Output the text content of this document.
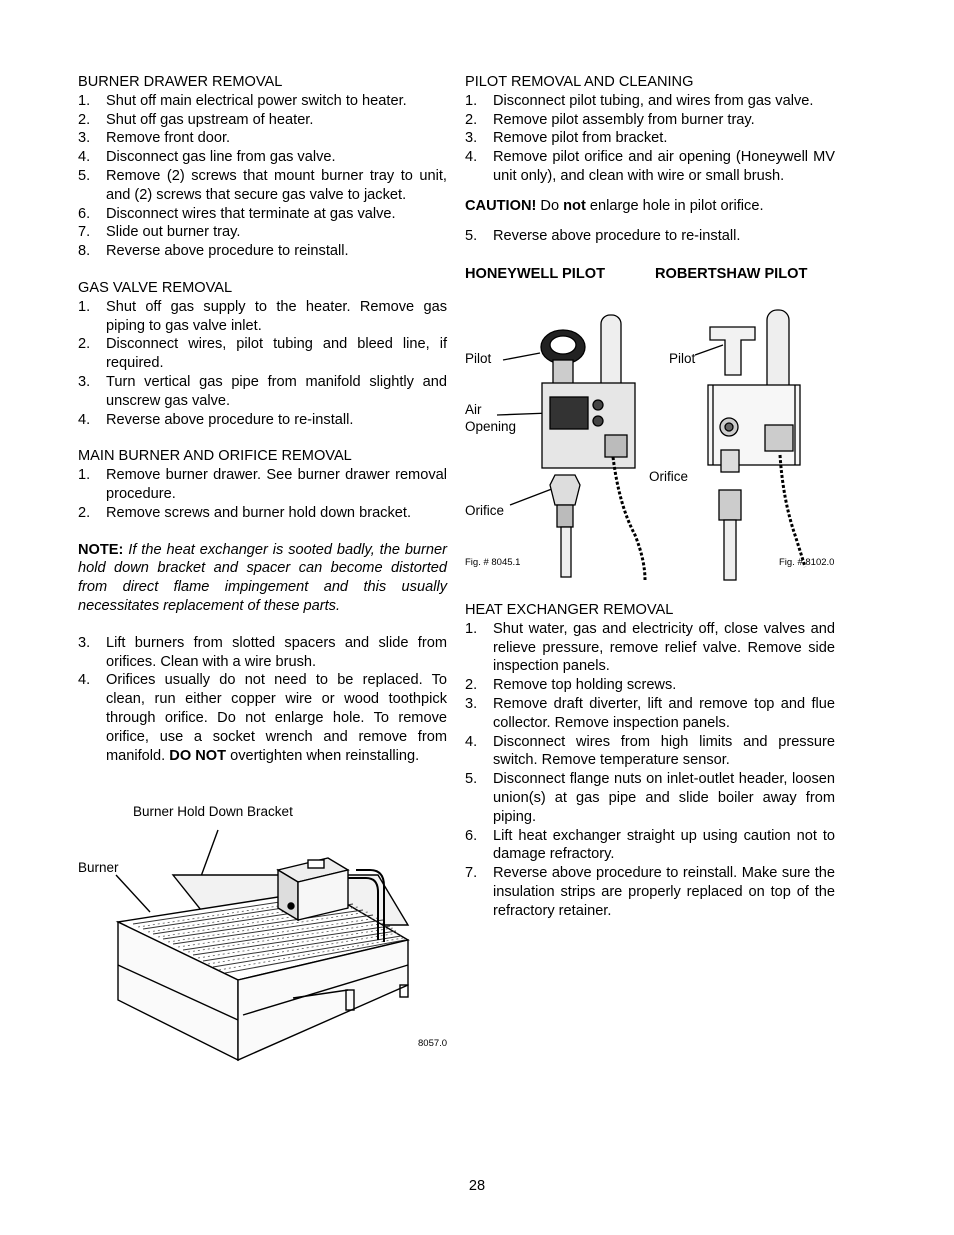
BURNER DRAWER REMOVAL

1. Shut off main electrical power switch to heater.
2. Shut off gas upstream of heater.
3. Remove front door.
4. Disconnect gas line from gas valve.
5. Remove (2) screws that mount burner tray to unit, and (2) screws that secure gas valve to jacket.
6. Disconnect wires that terminate at gas valve.
7. Slide out burner tray.
8. Reverse above procedure to reinstall.

GAS VALVE REMOVAL

1. Shut off gas supply to the heater. Remove gas piping to gas valve inlet.
2. Disconnect wires, pilot tubing and bleed line, if required.
3. Turn vertical gas pipe from manifold slightly and unscrew gas valve.
4. Reverse above procedure to re-install.

MAIN BURNER AND ORIFICE REMOVAL

1. Remove burner drawer. See burner drawer removal procedure.
2. Remove screws and burner hold down bracket.

NOTE: If the heat exchanger is sooted badly, the burner hold down bracket and spacer can become distorted from direct flame impingement and this usually necessitates replacement of these parts.

3. Lift burners from slotted spacers and slide from orifices. Clean with a wire brush.
4. Orifices usually do not need to be replaced. To clean, run either copper wire or wood toothpick through orifice. Do not enlarge hole. To remove orifice, use a socket wrench and remove from manifold. DO NOT overtighten when reinstalling.
Burner Hold Down Bracket
Burner
8057.0

PILOT REMOVAL AND CLEANING

1. Disconnect pilot tubing, and wires from gas valve.
2. Remove pilot assembly from burner tray.
3. Remove pilot from bracket.
4. Remove pilot orifice and air opening (Honeywell MV unit only), and clean with wire or small brush.

CAUTION! Do not enlarge hole in pilot orifice.

5. Reverse above procedure to re-install.
HONEYWELL PILOT	ROBERTSHAW PILOT
Pilot
Air
Opening
Orifice
Pilot
Orifice
Fig. # 8045.1	Fig. # 8102.0

HEAT EXCHANGER REMOVAL

1. Shut water, gas and electricity off, close valves and relieve pressure, remove relief valve. Remove side inspection panels.
2. Remove top holding screws.
3. Remove draft diverter, lift and remove top and flue collector. Remove inspection panels.
4. Disconnect wires from high limits and pressure switch. Remove temperature sensor.
5. Disconnect flange nuts on inlet-outlet header, loosen union(s) at gas pipe and slide boiler away from piping.
6. Lift heat exchanger straight up using caution not to damage refractory.
7. Reverse above procedure to reinstall. Make sure the insulation strips are properly replaced on top of the refractory retainer.
28
